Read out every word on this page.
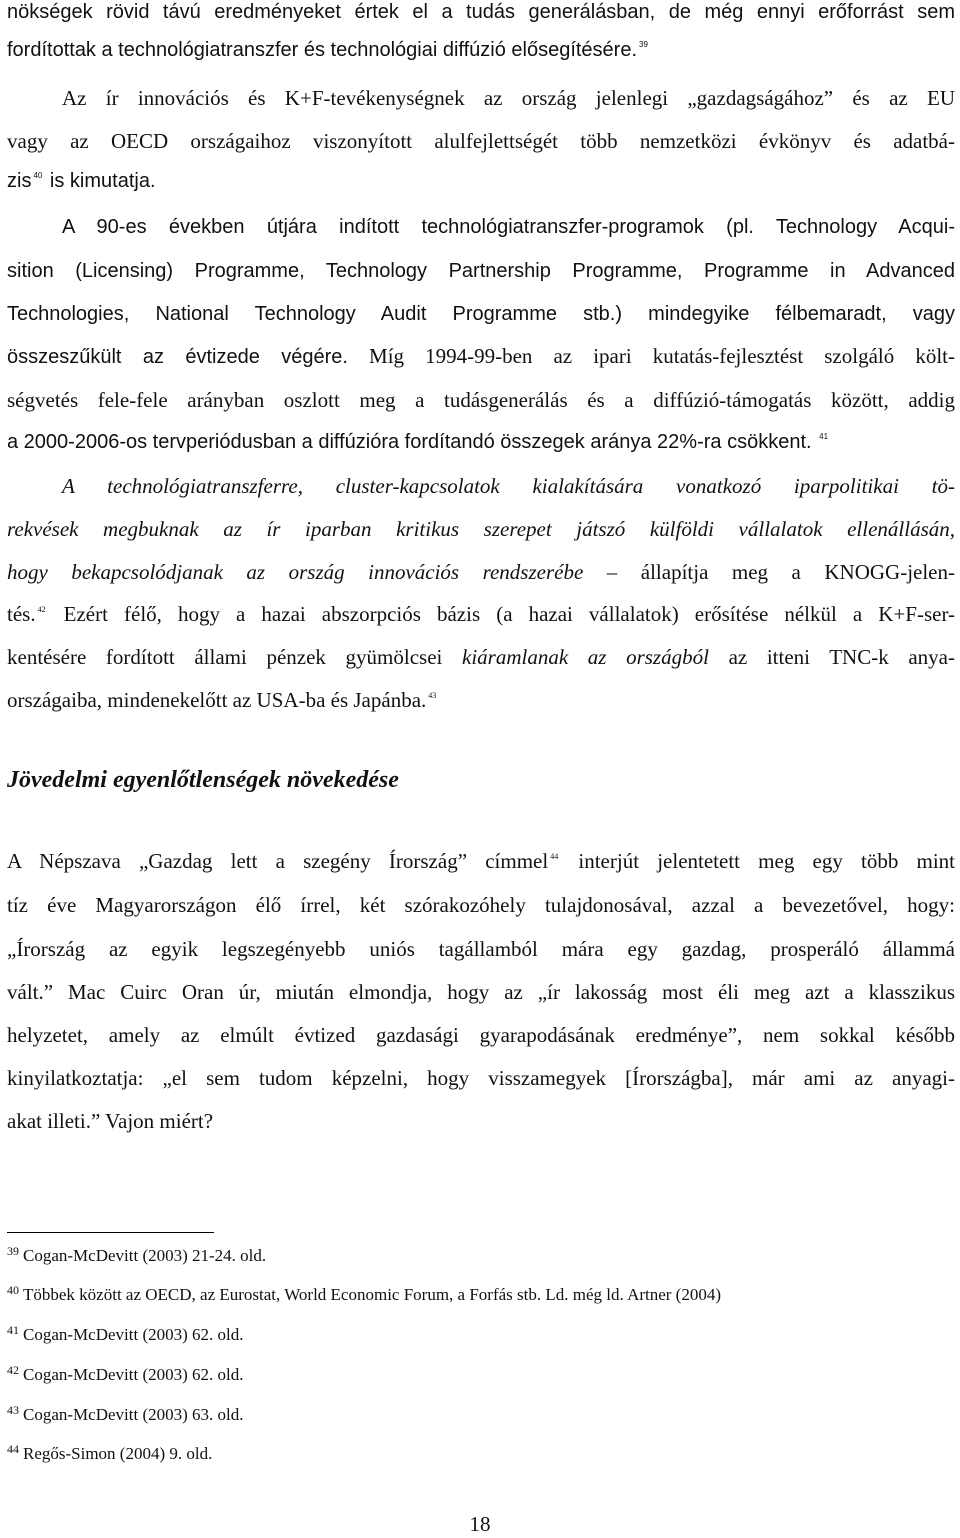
nökségek rövid távú eredményeket értek el a tudás generálásban, de még ennyi erőforrást sem

fordítottak a technológiatranszfer és technológiai diffúzió elősegítésére. $^{39}$

Az ír innovációs és K+F-tevékenységnek az ország jelenlegi „gazdagságához” és az EU

vagy az OECD országaihoz viszonyított alulfejlettségét több nemzetközi évkönyv és adatbá-

zis $^{40}$ is kimutatja.

A 90-es években útjára indított technológiatranszfer-programok (pl. Technology Acqui-

sition (Licensing) Programme, Technology Partnership Programme, Programme in Advanced

Technologies, National Technology Audit Programme stb.) mindegyike félbemaradt, vagy

összeszűkült az évtizede végére. Míg 1994-99-ben az ipari kutatás-fejlesztést szolgáló költ-

ségvetés fele-fele arányban oszlott meg a tudásgenerálás és a diffúzió-támogatás között, addig

a 2000-2006-os tervperiódusban a diffúzióra fordítandó összegek aránya 22%-ra csökkent. $^{41}$

A technológiatranszferre, cluster-kapcsolatok kialakítására vonatkozó iparpolitikai tö-

rekvések megbuknak az ír iparban kritikus szerepet játszó külföldi vállalatok ellenállásán,

hogy bekapcsolódjanak az ország innovációs rendszerébe – állapítja meg a KNOGG-jelen-

tés. $^{42}$ Ezért félő, hogy a hazai abszorpciós bázis (a hazai vállalatok) erősítése nélkül a K+F-ser-

kentésére fordított állami pénzek gyümölcsei kiáramlanak az országból az itteni TNC-k anya-

országaiba, mindenekelőtt az USA-ba és Japánba. $^{43}$

Jövedelmi egyenlőtlenségek növekedése

A Népszava „Gazdag lett a szegény Írország” címmel $^{44}$ interjút jelentetett meg egy több mint

tíz éve Magyarországon élő írrel, két szórakozóhely tulajdonosával, azzal a bevezetővel, hogy:

„Írország az egyik legszegényebb uniós tagállamból mára egy gazdag, prosperáló állammá

vált.” Mac Cuirc Oran úr, miután elmondja, hogy az „ír lakosság most éli meg azt a klasszikus

helyzetet, amely az elmúlt évtized gazdasági gyarapodásának eredménye”, nem sokkal később

kinyilatkoztatja: „el sem tudom képzelni, hogy visszamegyek [Írországba], már ami az anyagi-

akat illeti.” Vajon miért?

$^{39}$ Cogan-McDevitt (2003) 21-24. old.

$^{40}$ Többek között az OECD, az Eurostat, World Economic Forum, a Forfás stb. Ld. még ld. Artner (2004)

$^{41}$ Cogan-McDevitt (2003) 62. old.

$^{42}$ Cogan-McDevitt (2003) 62. old.

$^{43}$ Cogan-McDevitt (2003) 63. old.

$^{44}$ Regős-Simon (2004) 9. old.

18
